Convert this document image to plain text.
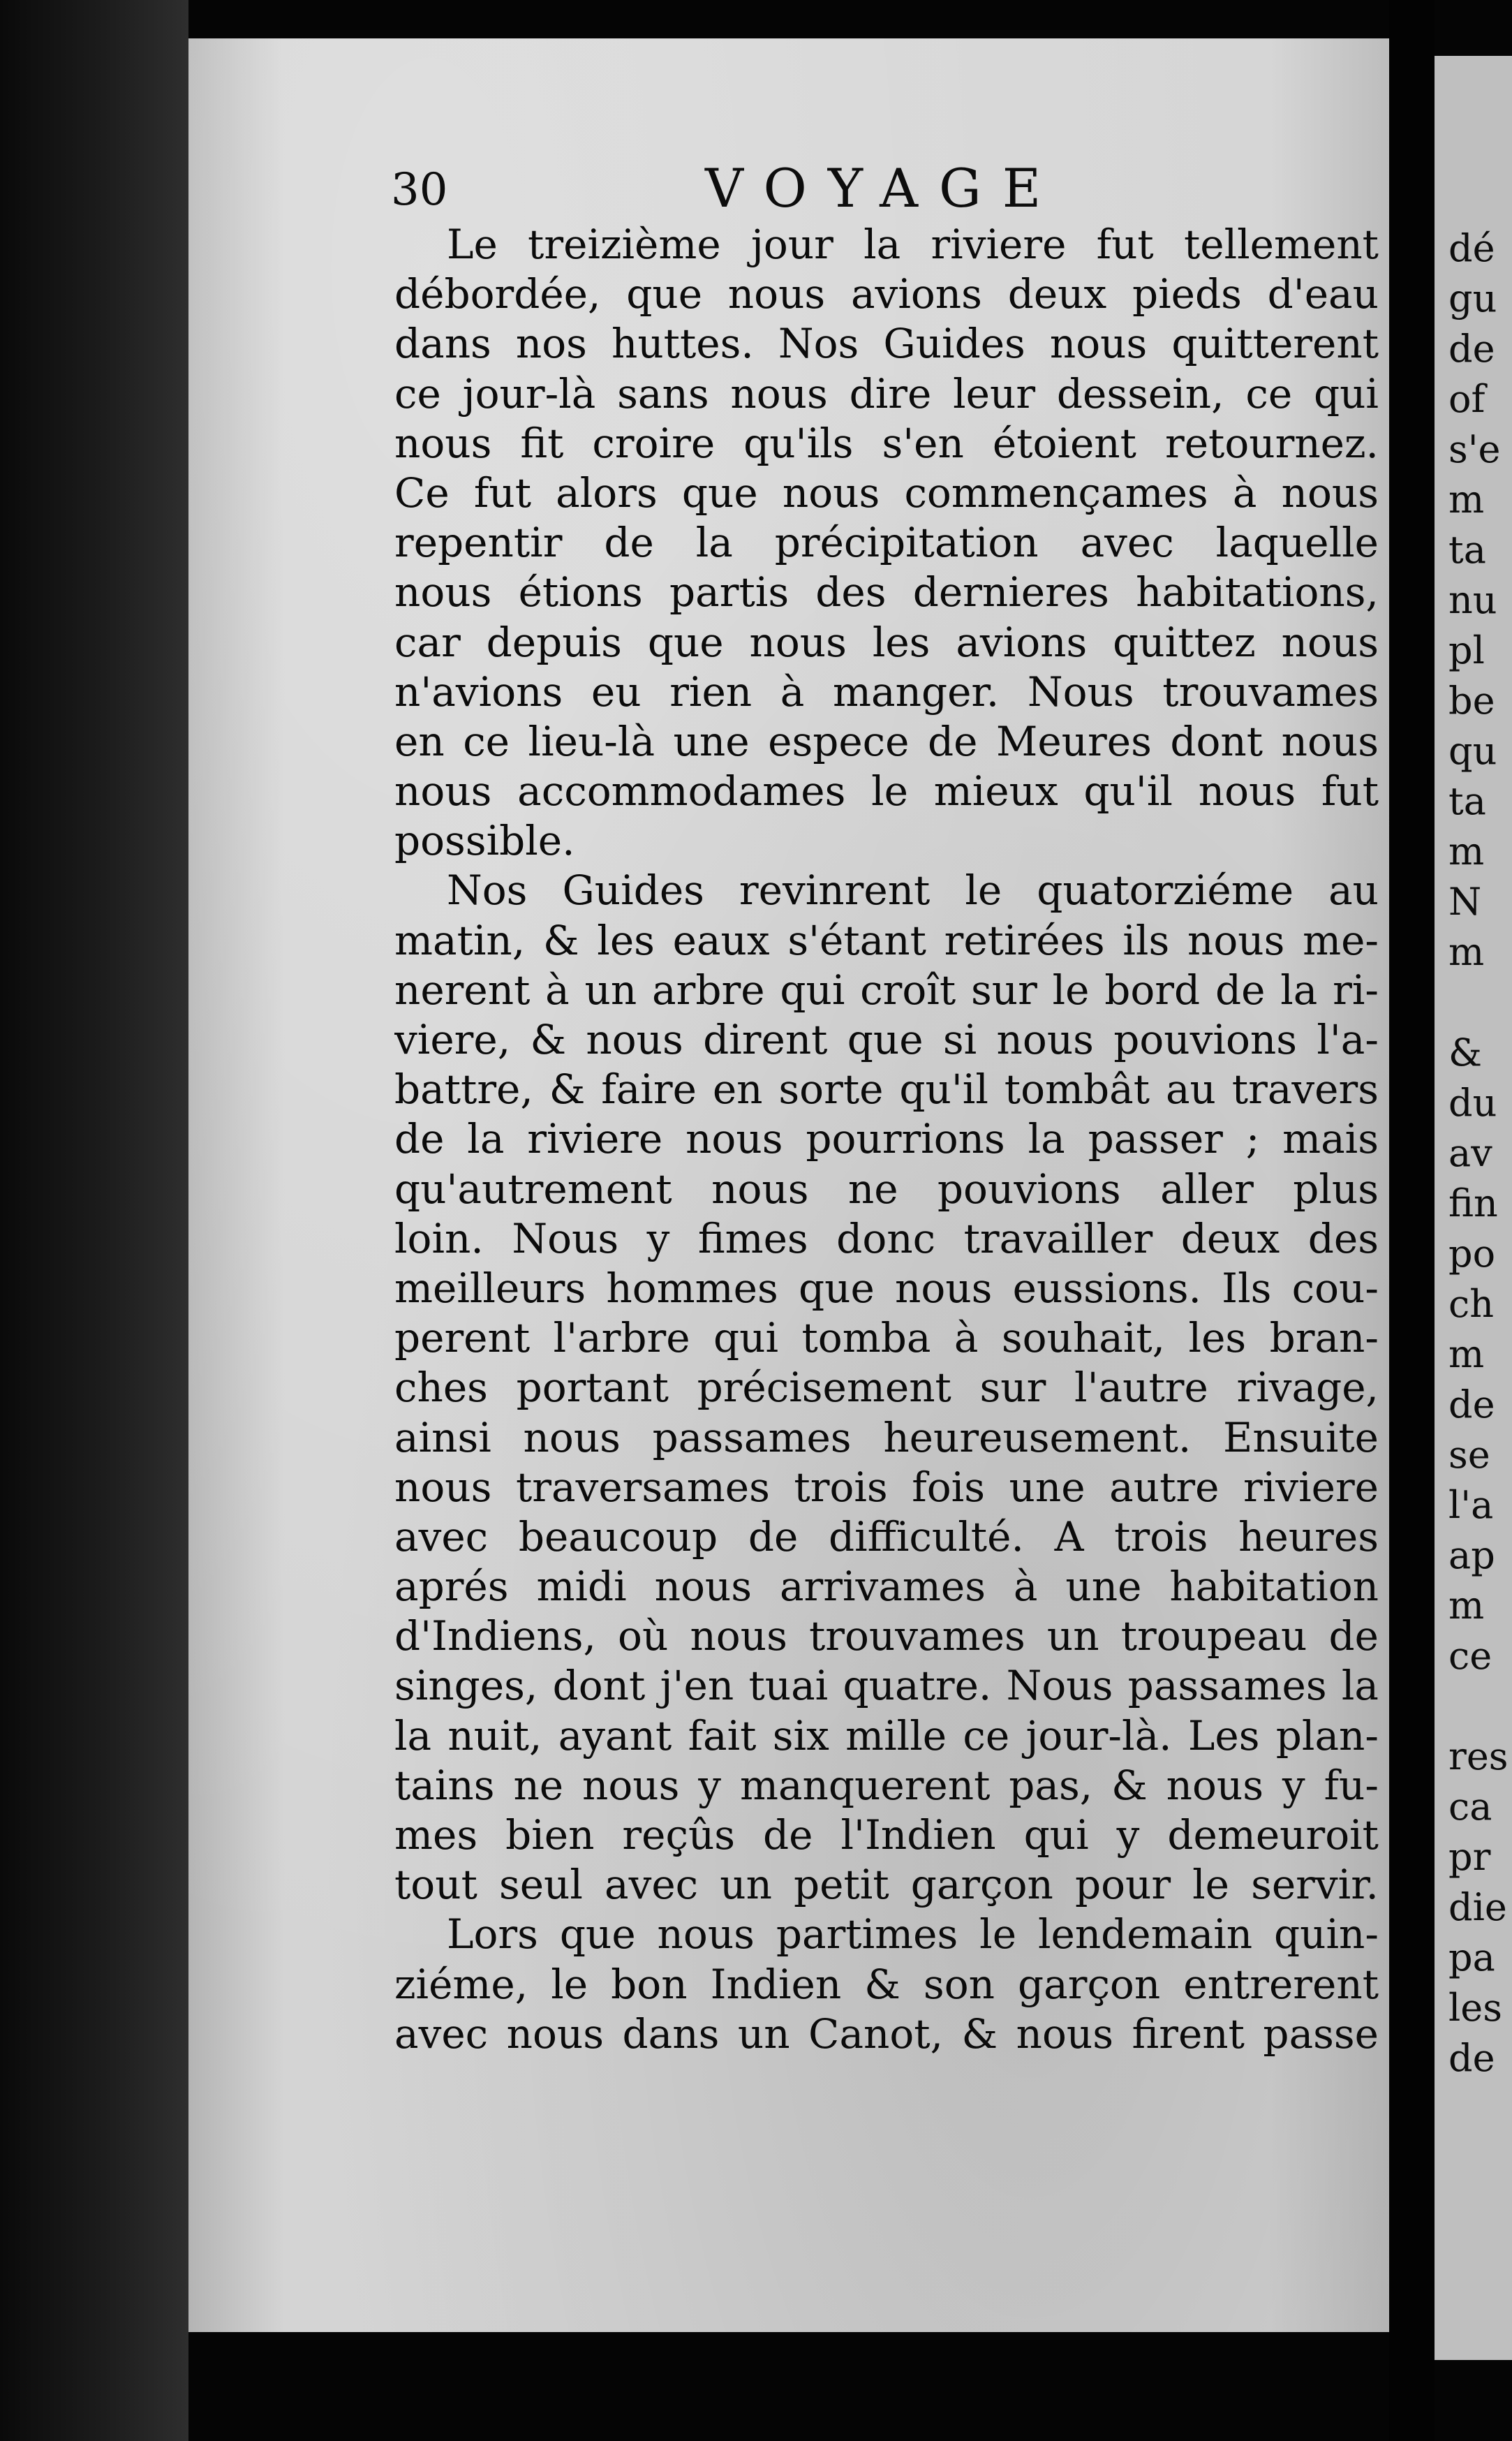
30	VOYAGE
Le treizième jour la riviere fut tellement
débordée, que nous avions deux pieds d'eau
dans nos huttes. Nos Guides nous quitterent
ce jour-là sans nous dire leur dessein, ce qui
nous fit croire qu'ils s'en étoient retournez.
Ce fut alors que nous commençames à nous
repentir de la précipitation avec laquelle
nous étions partis des dernieres habitations,
car depuis que nous les avions quittez nous
n'avions eu rien à manger. Nous trouvames
en ce lieu-là une espece de Meures dont nous
nous accommodames le mieux qu'il nous fut
possible.
Nos Guides revinrent le quatorziéme au
matin, & les eaux s'étant retirées ils nous me-
nerent à un arbre qui croît sur le bord de la ri-
viere, & nous dirent que si nous pouvions l'a-
battre, & faire en sorte qu'il tombât au travers
de la riviere nous pourrions la passer ; mais
qu'autrement nous ne pouvions aller plus
loin. Nous y fimes donc travailler deux des
meilleurs hommes que nous eussions. Ils cou-
perent l'arbre qui tomba à souhait, les bran-
ches portant précisement sur l'autre rivage,
ainsi nous passames heureusement. Ensuite
nous traversames trois fois une autre riviere
avec beaucoup de difficulté. A trois heures
aprés midi nous arrivames à une habitation
d'Indiens, où nous trouvames un troupeau de
singes, dont j'en tuai quatre. Nous passames la
la nuit, ayant fait six mille ce jour-là. Les plan-
tains ne nous y manquerent pas, & nous y fu-
mes bien reçûs de l'Indien qui y demeuroit
tout seul avec un petit garçon pour le servir.
Lors que nous partimes le lendemain quin-
ziéme, le bon Indien & son garçon entrerent
avec nous dans un Canot, & nous firent passe
dé
gu
de
of
s'e
m
ta
nu
pl
be
qu
ta
m
N
m
&
du
av
fin
po
ch
m
de
se
l'a
ap
m
ce
res
ca
pr
die
pa
les
de
